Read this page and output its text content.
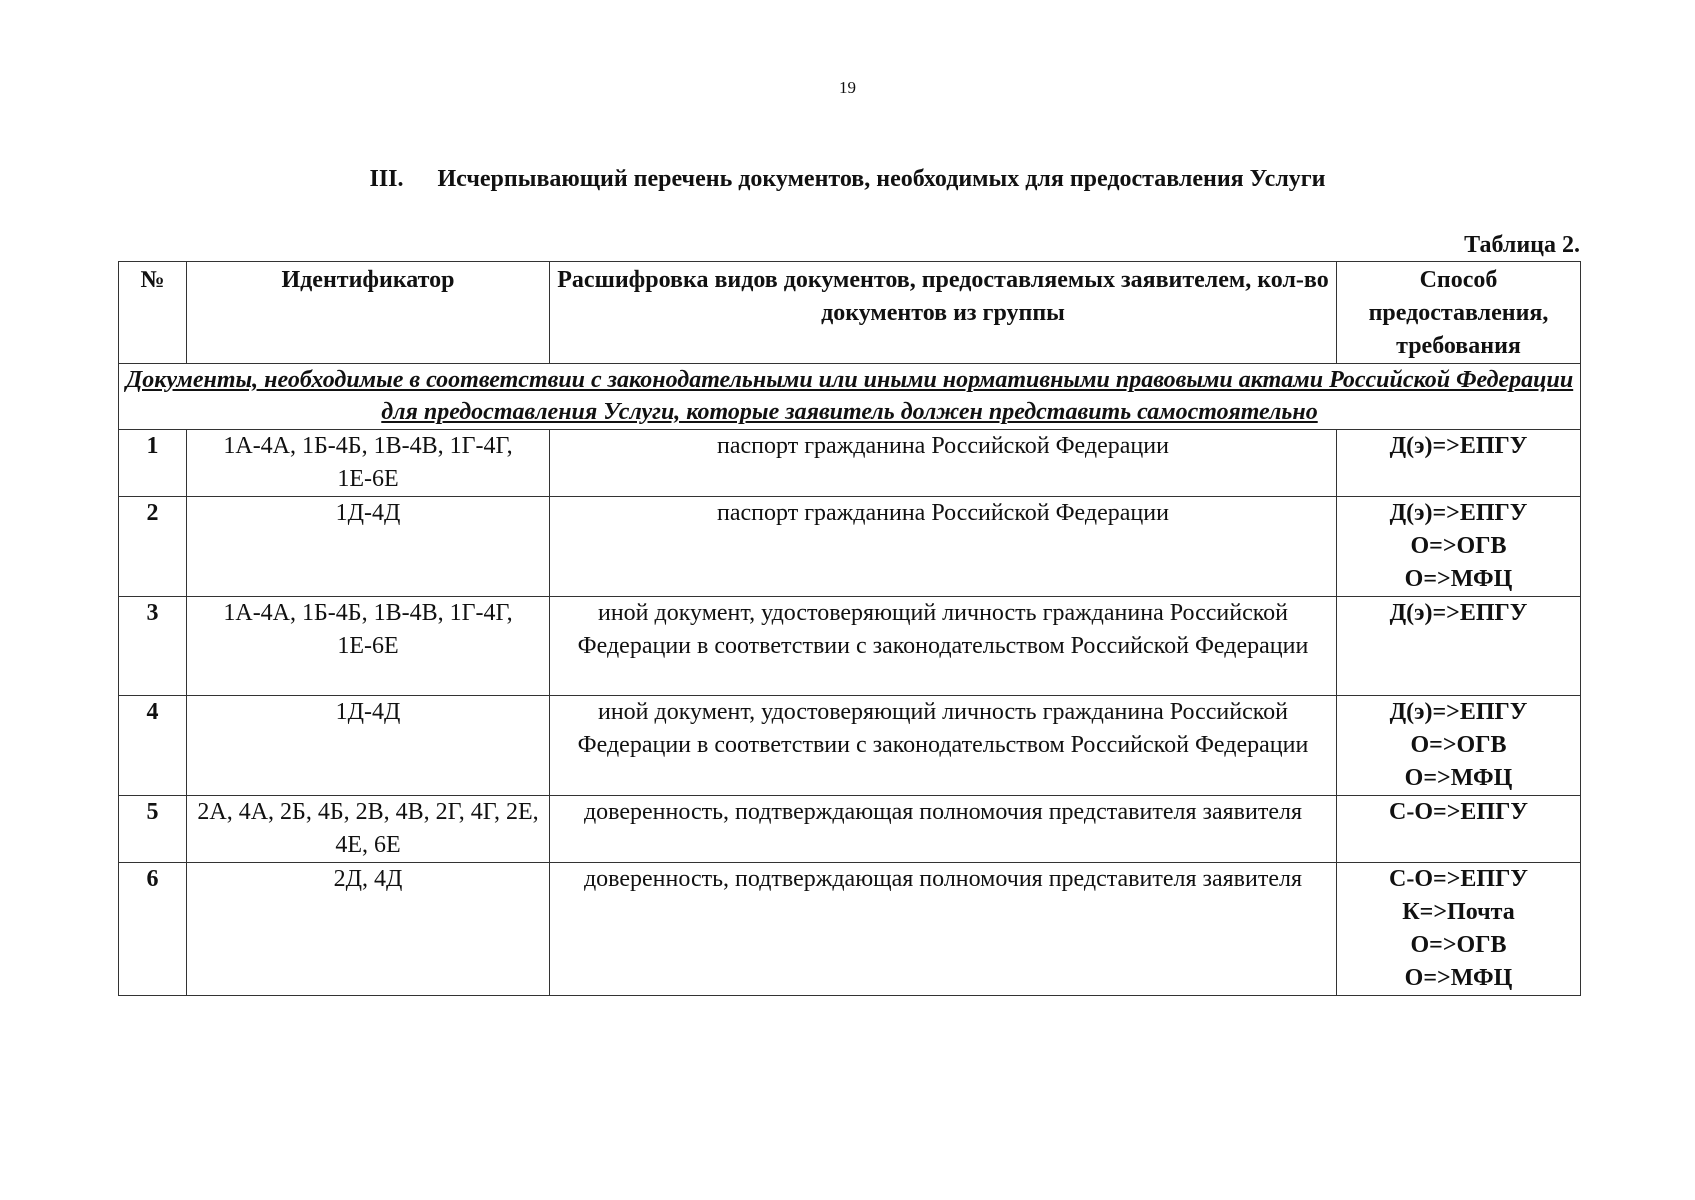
19
III. Исчерпывающий перечень документов, необходимых для предоставления Услуги
Таблица 2.
№	Идентификатор	Расшифровка видов документов, предоставляемых заявителем, кол-во документов из группы	Способ предоставления, требования
Документы, необходимые в соответствии с законодательными или иными нормативными правовыми актами Российской Федерации для предоставления Услуги, которые заявитель должен представить самостоятельно			
1	1А-4А, 1Б-4Б, 1В-4В, 1Г-4Г, 1Е-6Е	паспорт гражданина Российской Федерации	Д(э)=>ЕПГУ

2	1Д-4Д	паспорт гражданина Российской Федерации	Д(э)=>ЕПГУ
О=>ОГВ
О=>МФЦ

3	1А-4А, 1Б-4Б, 1В-4В, 1Г-4Г, 1Е-6Е	иной документ, удостоверяющий личность гражданина Российской Федерации в соответствии с законодательством Российской Федерации	Д(э)=>ЕПГУ

4	1Д-4Д	иной документ, удостоверяющий личность гражданина Российской Федерации в соответствии с законодательством Российской Федерации	Д(э)=>ЕПГУ
О=>ОГВ
О=>МФЦ

5	2А, 4А, 2Б, 4Б, 2В, 4В, 2Г, 4Г, 2Е, 4Е, 6Е	доверенность, подтверждающая полномочия представителя заявителя	С-О=>ЕПГУ

6	2Д, 4Д	доверенность, подтверждающая полномочия представителя заявителя	С-О=>ЕПГУ
К=>Почта
О=>ОГВ
О=>МФЦ
